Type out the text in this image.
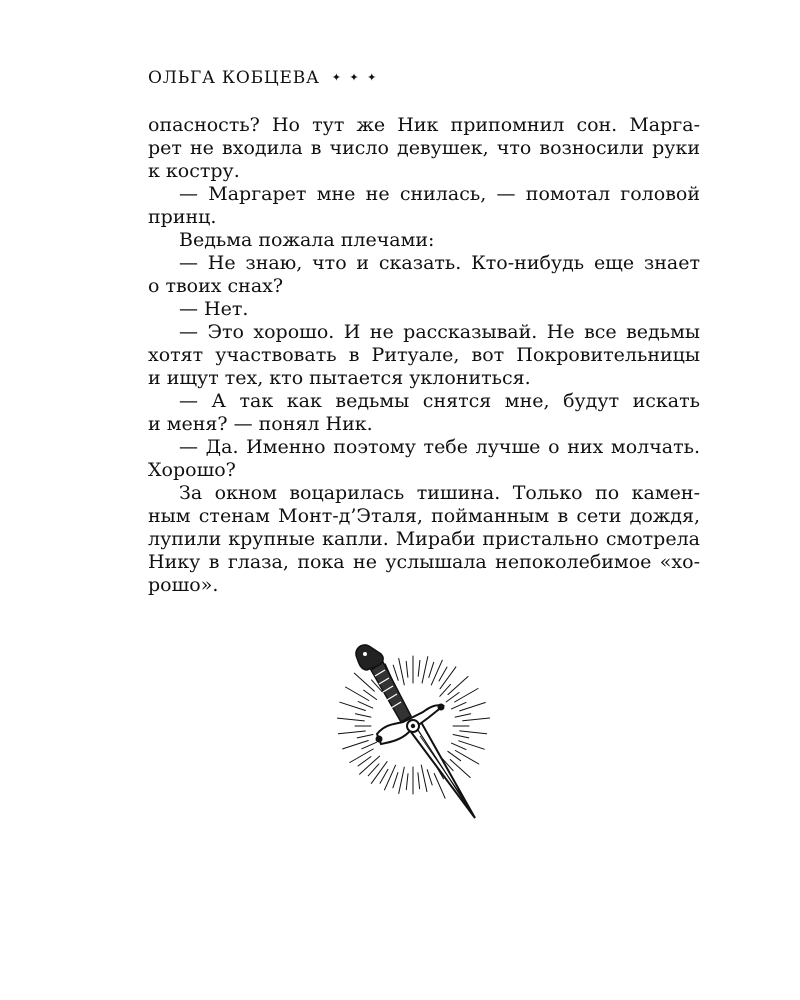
ОЛЬГА КОБЦЕВА ✦ ✦ ✦
опасность? Но тут же Ник припомнил сон. Марга-
рет не входила в число девушек, что возносили руки
к костру.
— Маргарет мне не снилась, — помотал головой
принц.
Ведьма пожала плечами:
— Не знаю, что и сказать. Кто-нибудь еще знает
о твоих снах?
— Нет.
— Это хорошо. И не рассказывай. Не все ведьмы
хотят участвовать в Ритуале, вот Покровительницы
и ищут тех, кто пытается уклониться.
— А так как ведьмы снятся мне, будут искать
и меня? — понял Ник.
— Да. Именно поэтому тебе лучше о них молчать.
Хорошо?
За окном воцарилась тишина. Только по камен-
ным стенам Монт-д’Эталя, пойманным в сети дождя,
лупили крупные капли. Мираби пристально смотрела
Нику в глаза, пока не услышала непоколебимое «хо-
рошо».
